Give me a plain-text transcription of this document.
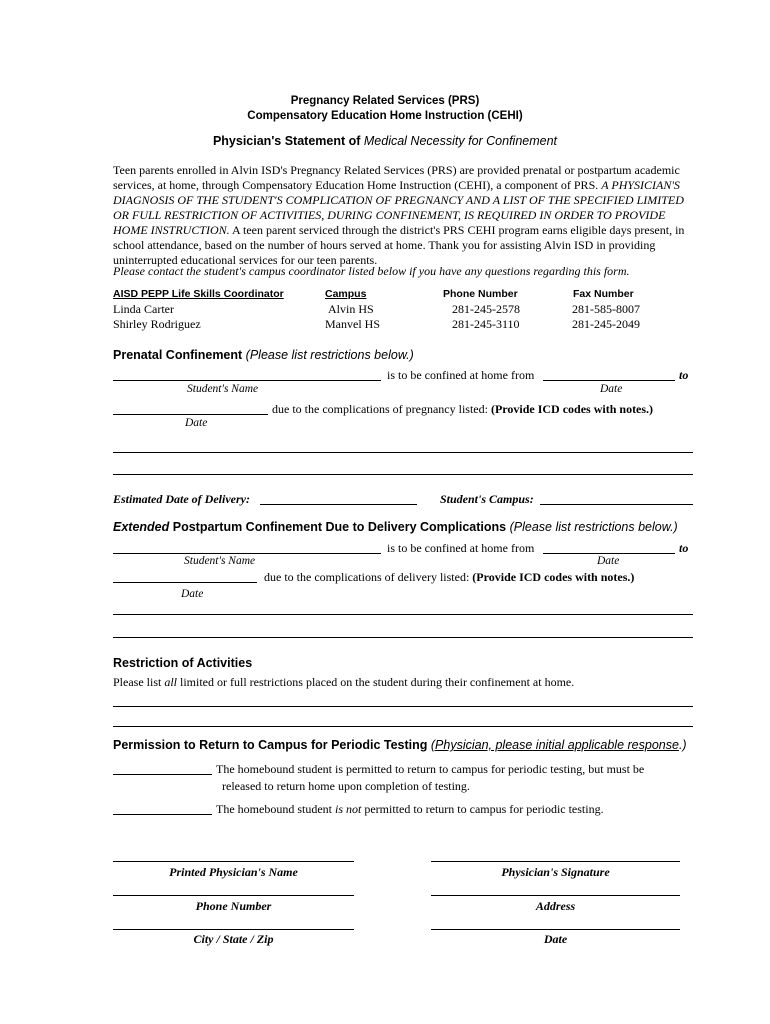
Pregnancy Related Services (PRS)
Compensatory Education Home Instruction (CEHI)
Physician's Statement of Medical Necessity for Confinement
Teen parents enrolled in Alvin ISD's Pregnancy Related Services (PRS) are provided prenatal or postpartum academic services, at home, through Compensatory Education Home Instruction (CEHI), a component of PRS. A PHYSICIAN'S DIAGNOSIS OF THE STUDENT'S COMPLICATION OF PREGNANCY AND A LIST OF THE SPECIFIED LIMITED OR FULL RESTRICTION OF ACTIVITIES, DURING CONFINEMENT, IS REQUIRED IN ORDER TO PROVIDE HOME INSTRUCTION. A teen parent serviced through the district's PRS CEHI program earns eligible days present, in school attendance, based on the number of hours served at home. Thank you for assisting Alvin ISD in providing uninterrupted educational services for our teen parents.
Please contact the student's campus coordinator listed below if you have any questions regarding this form.
AISD PEPP Life Skills Coordinator	Campus	Phone Number	Fax Number
Linda Carter	Alvin HS	281-245-2578	281-585-8007
Shirley Rodriguez	Manvel HS	281-245-3110	281-245-2049
Prenatal Confinement (Please list restrictions below.)
is to be confined at home from	to
Student's Name	Date
due to the complications of pregnancy listed: (Provide ICD codes with notes.)
Date
Estimated Date of Delivery:	Student's Campus:
Extended Postpartum Confinement Due to Delivery Complications (Please list restrictions below.)
is to be confined at home from	to
Student's Name	Date
due to the complications of delivery listed: (Provide ICD codes with notes.)
Date
Restriction of Activities
Please list all limited or full restrictions placed on the student during their confinement at home.
Permission to Return to Campus for Periodic Testing (Physician, please initial applicable response.)
The homebound student is permitted to return to campus for periodic testing, but must be
released to return home upon completion of testing.
The homebound student is not permitted to return to campus for periodic testing.
Printed Physician's Name	Physician's Signature
Phone Number	Address
City / State / Zip	Date
